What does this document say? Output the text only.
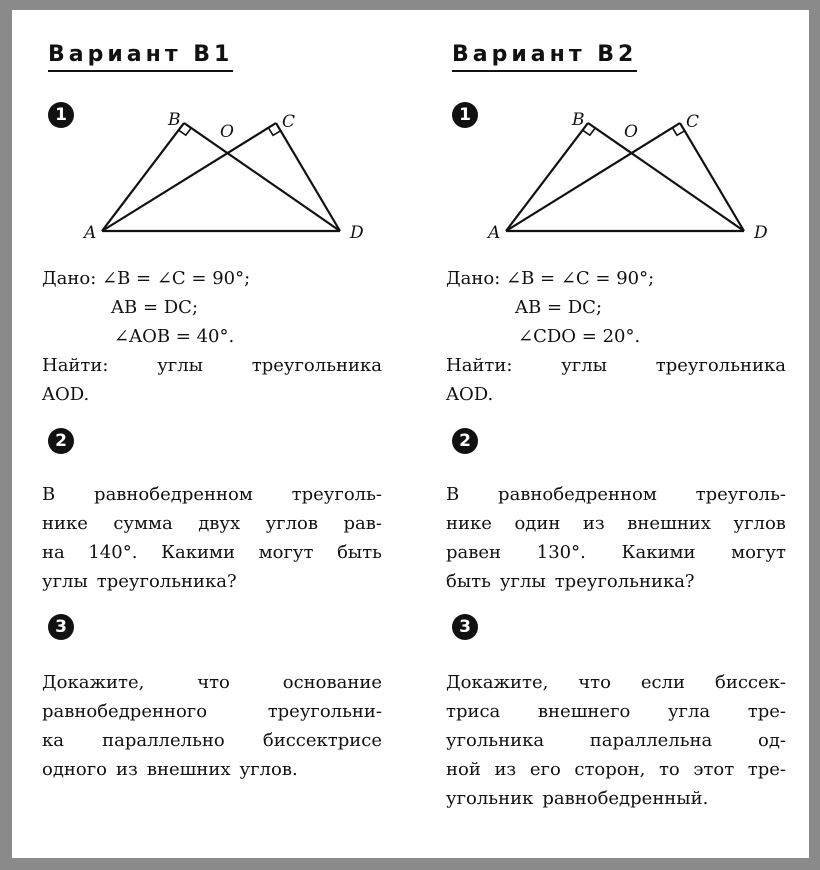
Вариант В1
1
A
B
O	C
D
Дано: ∠B = ∠C = 90°;
AB = DC;
∠AOB = 40°.
Найти:	углы	треугольника
AOD.
2
В равнобедренном треуголь-
нике сумма двух углов рав-
на 140°. Какими могут быть
углы треугольника?
3
Докажите,	что	основание
равнобедренного	треугольни-
ка параллельно биссектрисе
одного из внешних углов.
Вариант В2
1
A
B
O	C
D
Дано: ∠B = ∠C = 90°;
AB = DC;
∠CDO = 20°.
Найти:	углы	треугольника
AOD.
2
В равнобедренном треуголь-
нике один из внешних углов
равен 130°. Какими могут
быть углы треугольника?
3
Докажите, что если биссек-
триса внешнего угла тре-
угольника	параллельна	од-
ной из его сторон, то этот тре-
угольник равнобедренный.
